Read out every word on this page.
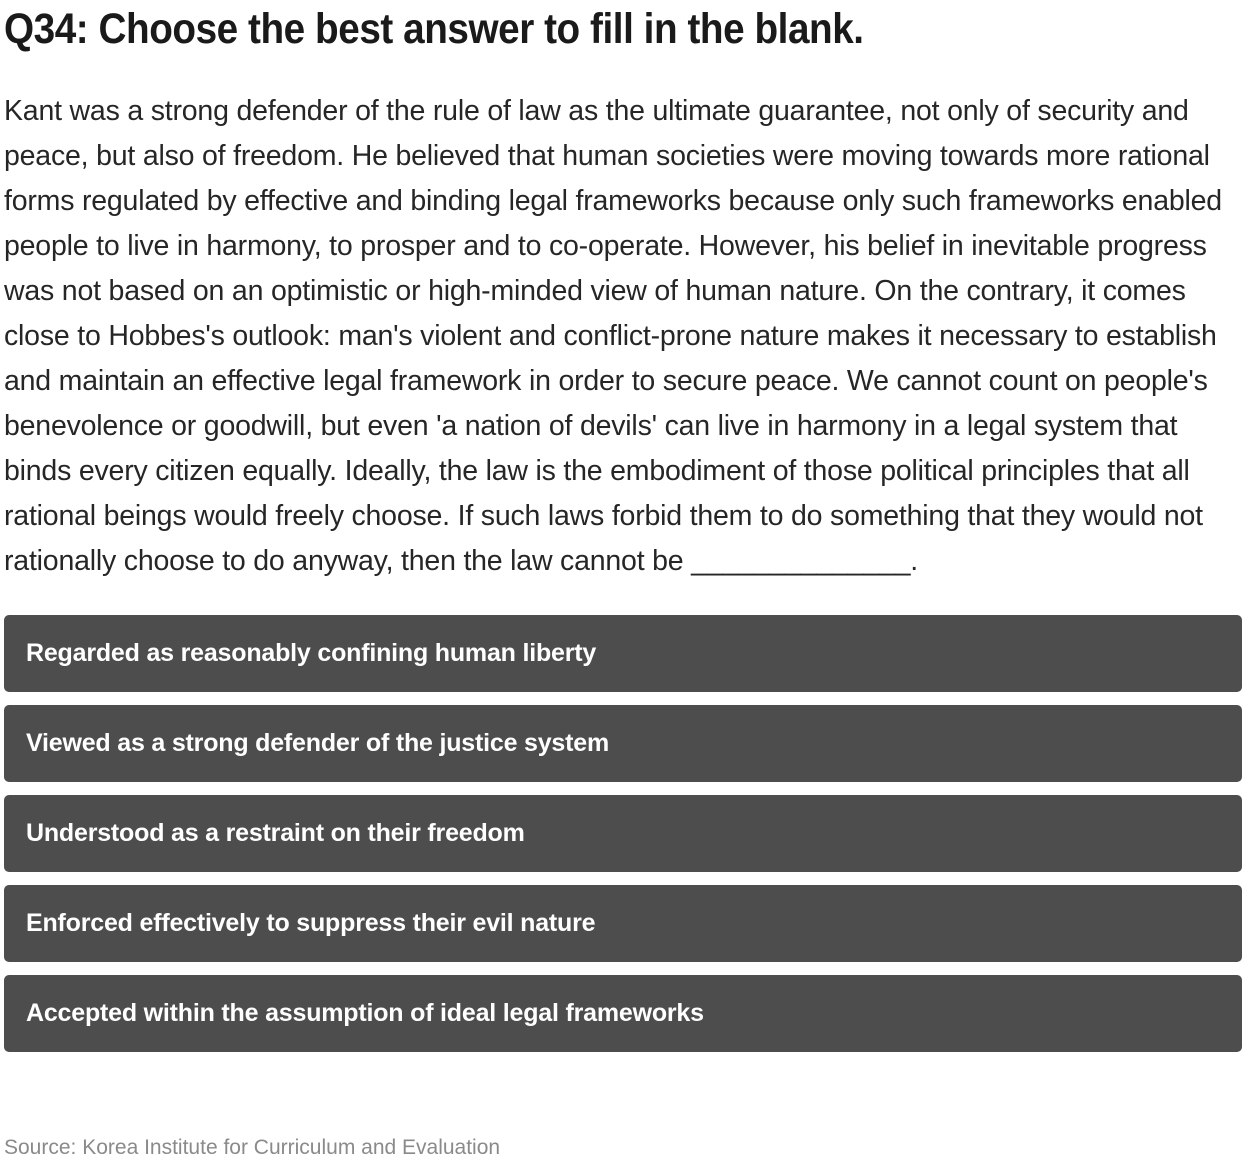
Q34: Choose the best answer to fill in the blank.

Kant was a strong defender of the rule of law as the ultimate guarantee, not only of security and peace, but also of freedom. He believed that human societies were moving towards more rational forms regulated by effective and binding legal frameworks because only such frameworks enabled people to live in harmony, to prosper and to co-operate. However, his belief in inevitable progress was not based on an optimistic or high-minded view of human nature. On the contrary, it comes close to Hobbes's outlook: man's violent and conflict-prone nature makes it necessary to establish and maintain an effective legal framework in order to secure peace. We cannot count on people's benevolence or goodwill, but even 'a nation of devils' can live in harmony in a legal system that binds every citizen equally. Ideally, the law is the embodiment of those political principles that all rational beings would freely choose. If such laws forbid them to do something that they would not rationally choose to do anyway, then the law cannot be ______________.

Regarded as reasonably confining human liberty
Viewed as a strong defender of the justice system
Understood as a restraint on their freedom
Enforced effectively to suppress their evil nature
Accepted within the assumption of ideal legal frameworks
Source: Korea Institute for Curriculum and Evaluation
